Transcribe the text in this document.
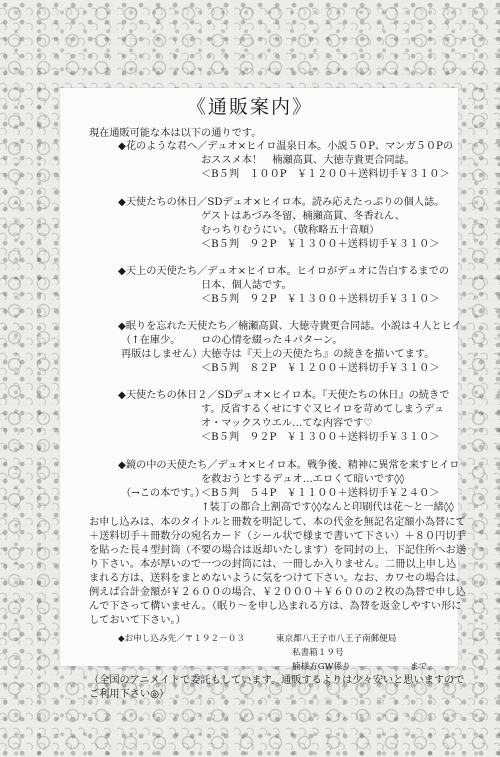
《通販案内》
現在通販可能な本は以下の通りです。
◆花のような君へ／デュオ×ヒイロ温泉日本。小説５０P、マンガ５０Pの
おススメ本！　楠瀬高貫、大徳寺貴更合同誌。
＜B５判　１００P　￥１２００＋送料切手￥３１０＞
◆天使たちの休日／SDデュオ×ヒイロ本。読み応えたっぷりの個人誌。
ゲストはあづみ冬留、楠瀬高貫、冬香れん、
むっちりむうにい。（敬称略五十音順）
＜B５判　９２P　￥１３００＋送料切手￥３１０＞
◆天上の天使たち／デュオ×ヒイロ本。ヒイロがデュオに告白するまでの
日本、個人誌です。
＜B５判　９２P　￥１３００＋送料切手￥３１０＞
◆眠りを忘れた天使たち／楠瀬高貫、大徳寺貴更合同誌。小説は４人とヒイ
ロの心情を綴った４パターン。
（↑在庫少。
大徳寺は『天上の天使たち』の続きを描いてます。
再版はしません）
＜B５判　８２P　￥１２００＋送料切手￥３１０＞
◆天使たちの休日２／SDデュオ×ヒイロ本。『天使たちの休日』の続きで
す。反省するくせにすぐ又ヒイロを苛めてしまうデュ
オ・マックスウエル…てな内容です♡
＜B５判　９２P　￥１３００＋送料切手￥３１０＞
◆鏡の中の天使たち／デュオ×ヒイロ本。戦争後、精神に異常を来すヒイロ
を救おうとするデュオ…エロくて暗いです◊◊
＜B５判　５４P　￥１１００＋送料切手￥２４０＞
（→この本です。）
↑装丁の都合上割高です◊◊なんと印刷代は花～と一緒◊◊
お申し込みは、本のタイトルと冊数を明記して、本の代金を無記名定額小為替にて
＋送料切手＋冊数分の宛名カード（シール状で様まで書いて下さい）＋８０円切手
を貼った長４型封筒（不要の場合は返却いたします）を同封の上、下記住所へお送
り下さい。本が厚いので一つの封筒には、一冊しか入りません。二冊以上申し込
まれる方は、送料をまとめないように気をつけて下さい。なお、カワセの場合は、
例えば合計金額が￥２６００の場合、￥２０００＋￥６００の２枚の為替で申し込
んで下さって構いません。（眠り～を申し込まれる方は、為替を返金しやすい形に
しておいて下さい。）
◆お申し込み先／〒１９２－０３	東京都八王子市八王子南郵便局
私書箱１９号
楠様方GW係り	まで。
（全国のアニメイトで委託もしています。通販するよりは少々安いと思いますので
ご利用下さい◎）
